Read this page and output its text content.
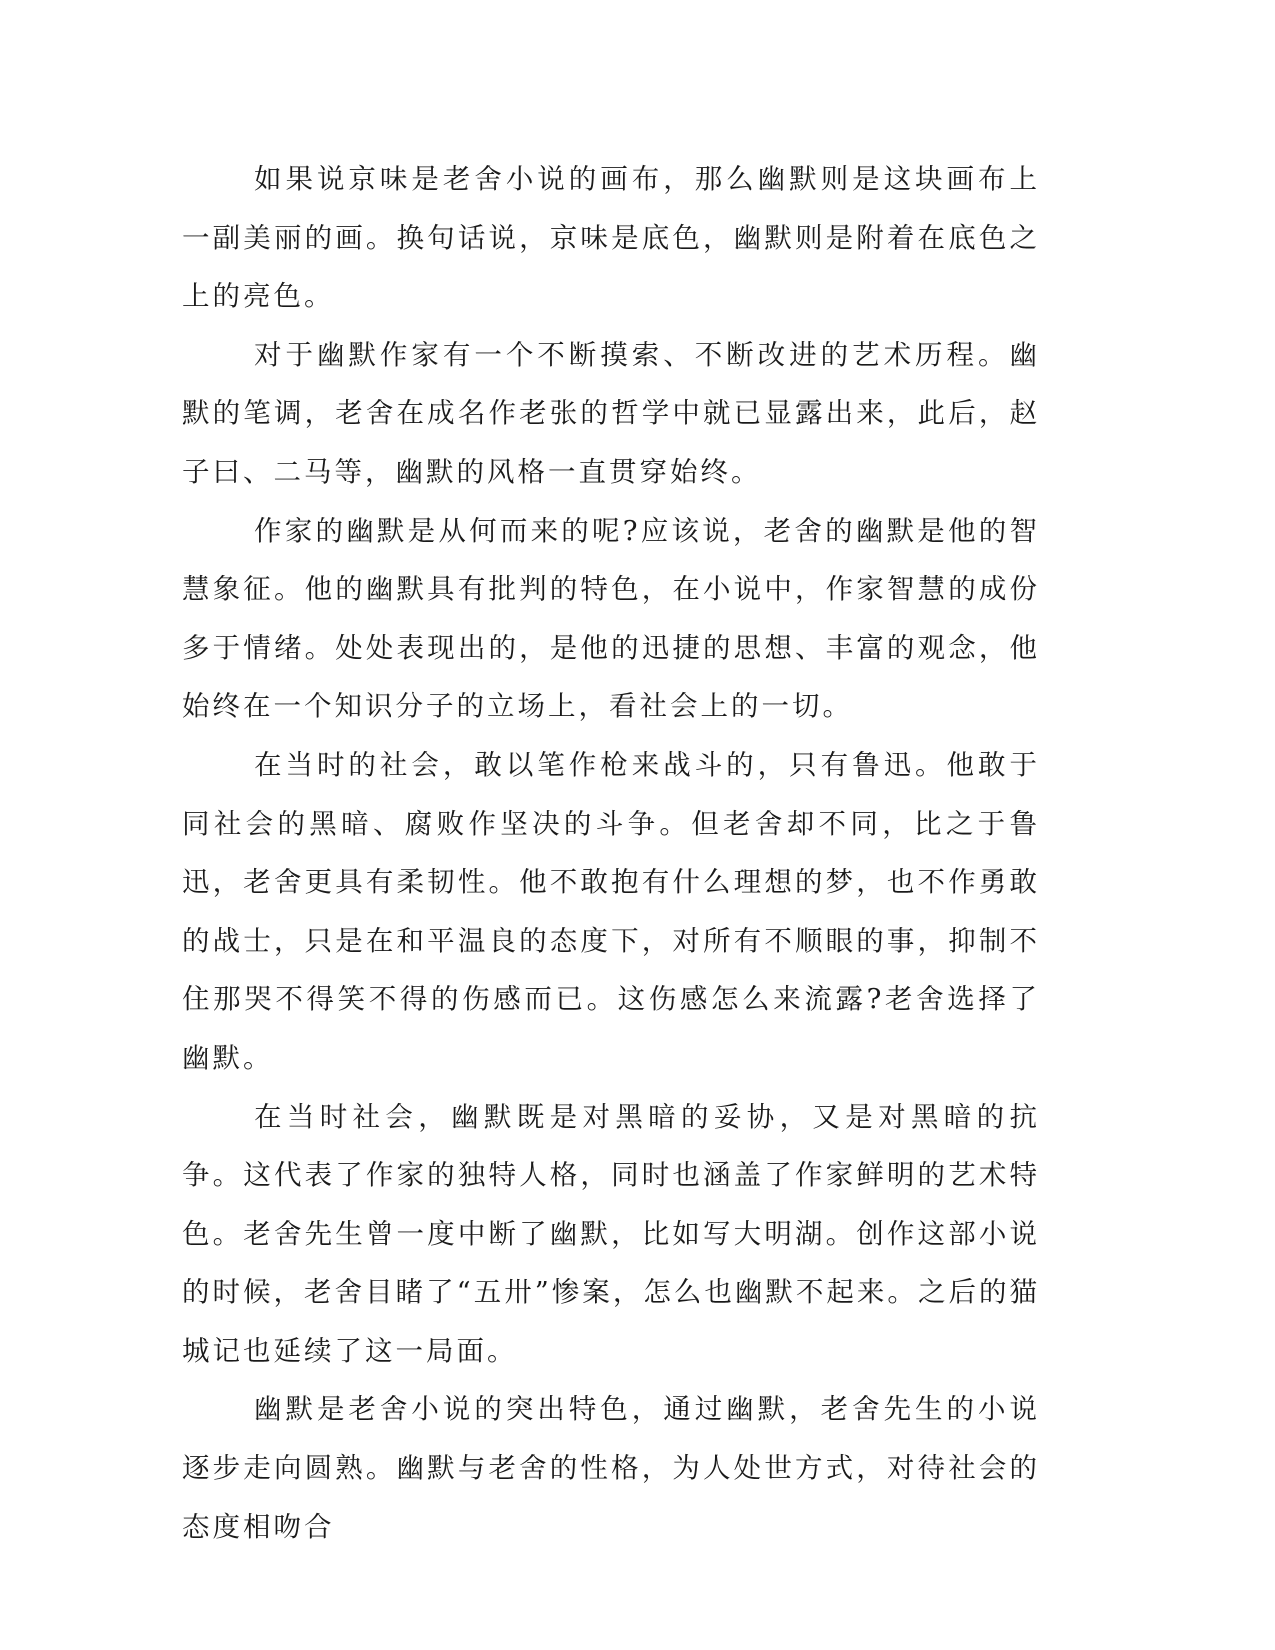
如果说京味是老舍小说的画布，那么幽默则是这块画布上一副美丽的画。换句话说，京味是底色，幽默则是附着在底色之上的亮色。

对于幽默作家有一个不断摸索、不断改进的艺术历程。幽默的笔调，老舍在成名作老张的哲学中就已显露出来，此后，赵子曰、二马等，幽默的风格一直贯穿始终。

作家的幽默是从何而来的呢?应该说，老舍的幽默是他的智慧象征。他的幽默具有批判的特色，在小说中，作家智慧的成份多于情绪。处处表现出的，是他的迅捷的思想、丰富的观念，他始终在一个知识分子的立场上，看社会上的一切。

在当时的社会，敢以笔作枪来战斗的，只有鲁迅。他敢于同社会的黑暗、腐败作坚决的斗争。但老舍却不同，比之于鲁迅，老舍更具有柔韧性。他不敢抱有什么理想的梦，也不作勇敢的战士，只是在和平温良的态度下，对所有不顺眼的事，抑制不住那哭不得笑不得的伤感而已。这伤感怎么来流露?老舍选择了幽默。

在当时社会，幽默既是对黑暗的妥协，又是对黑暗的抗争。这代表了作家的独特人格，同时也涵盖了作家鲜明的艺术特色。老舍先生曾一度中断了幽默，比如写大明湖。创作这部小说的时候，老舍目睹了“五卅”惨案，怎么也幽默不起来。之后的猫城记也延续了这一局面。

幽默是老舍小说的突出特色，通过幽默，老舍先生的小说逐步走向圆熟。幽默与老舍的性格，为人处世方式，对待社会的态度相吻合
